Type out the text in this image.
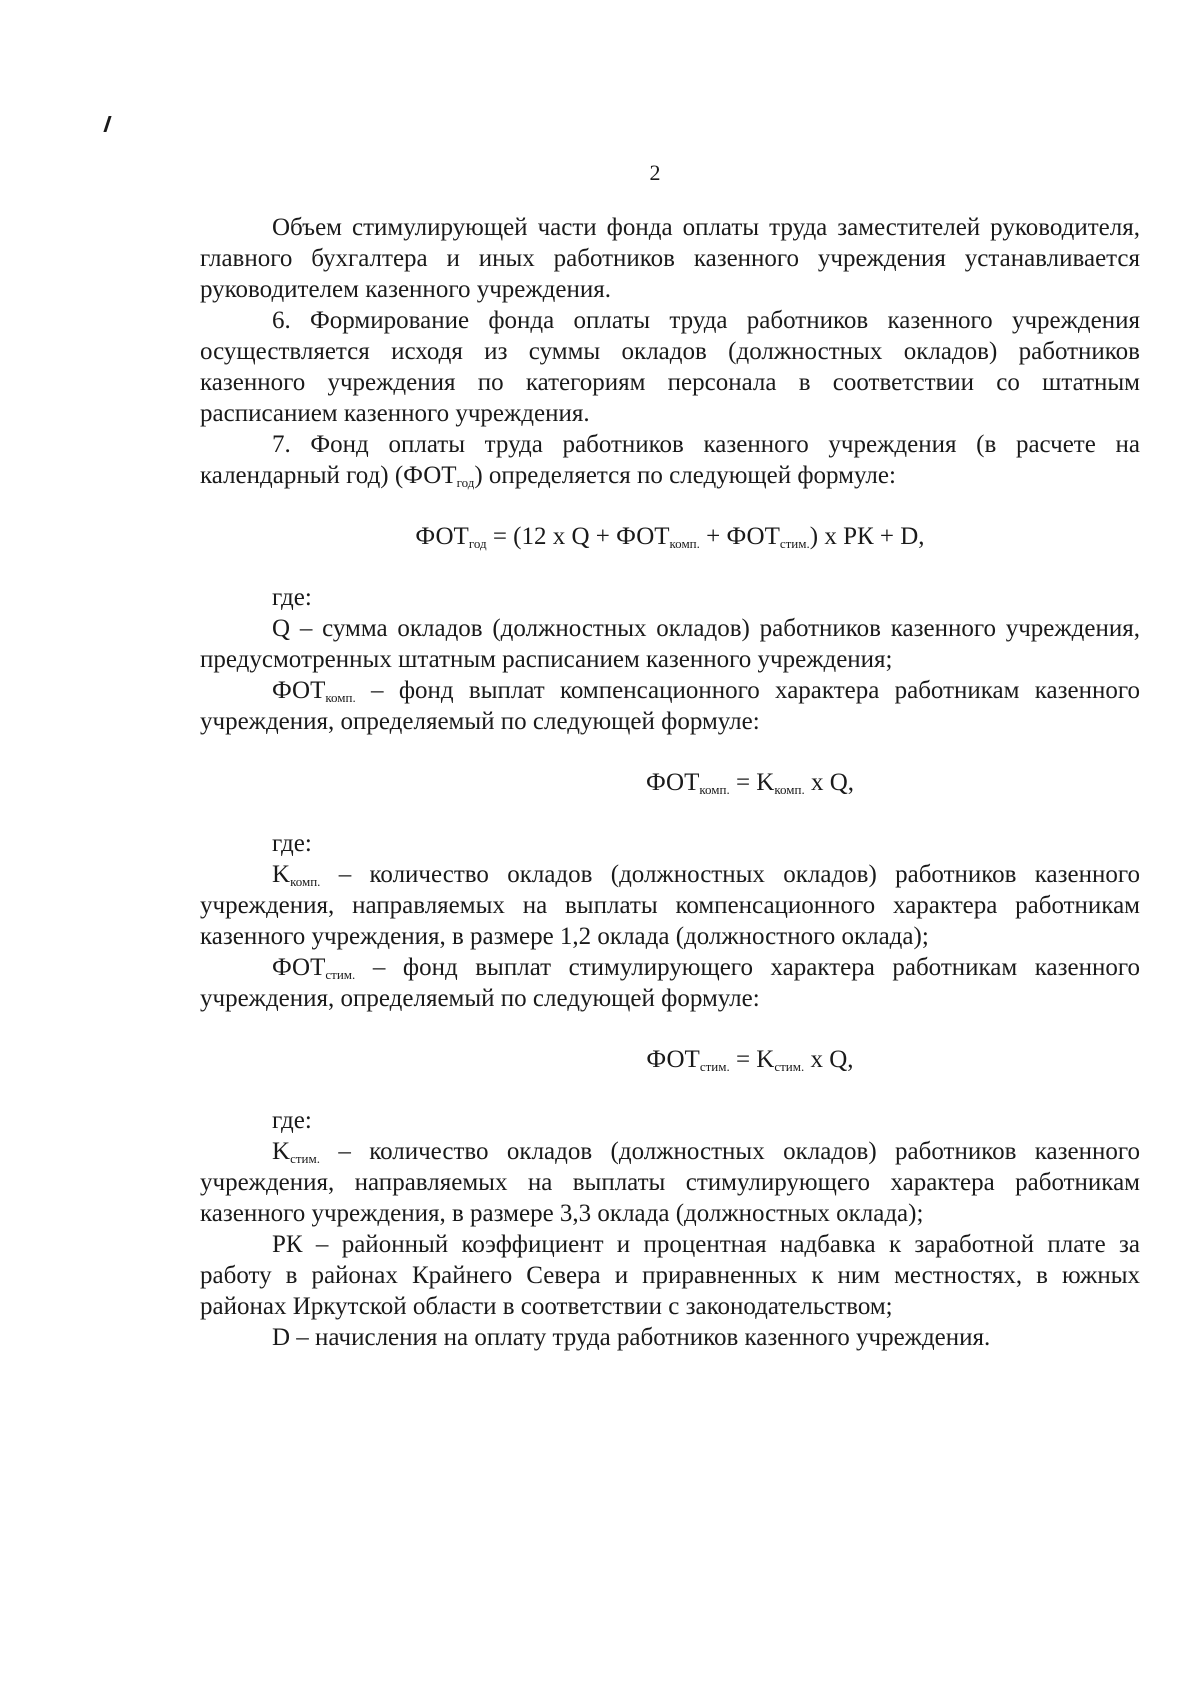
2

Объем стимулирующей части фонда оплаты труда заместителей руководителя, главного бухгалтера и иных работников казенного учреждения устанавливается руководителем казенного учреждения.

6. Формирование фонда оплаты труда работников казенного учреждения осуществляется исходя из суммы окладов (должностных окладов) работников казенного учреждения по категориям персонала в соответствии со штатным расписанием казенного учреждения.

7. Фонд оплаты труда работников казенного учреждения (в расчете на календарный год) $(ФОТ_{год})$ определяется по следующей формуле:

$ФОТ_{год} = (12$ х $Q + ФОТ_{комп.} + ФОТ_{стим.}$) х РК + D,

где:

Q – сумма окладов (должностных окладов) работников казенного учреждения, предусмотренных штатным расписанием казенного учреждения;

$ФОТ_{комп.}$ – фонд выплат компенсационного характера работникам казенного учреждения, определяемый по следующей формуле:

$ФОТ_{комп.} = K_{комп.}$ х Q,

где:

$K_{комп.}$ – количество окладов (должностных окладов) работников казенного учреждения, направляемых на выплаты компенсационного характера работникам казенного учреждения, в размере 1,2 оклада (должностного оклада);

$ФОТ_{стим.}$ – фонд выплат стимулирующего характера работникам казенного учреждения, определяемый по следующей формуле:

$ФОТ_{стим.} = K_{стим.}$ х Q,

где:

$K_{стим.}$ – количество окладов (должностных окладов) работников казенного учреждения, направляемых на выплаты стимулирующего характера работникам казенного учреждения, в размере 3,3 оклада (должностных оклада);

РК – районный коэффициент и процентная надбавка к заработной плате за работу в районах Крайнего Севера и приравненных к ним местностях, в южных районах Иркутской области в соответствии с законодательством;

D – начисления на оплату труда работников казенного учреждения.
